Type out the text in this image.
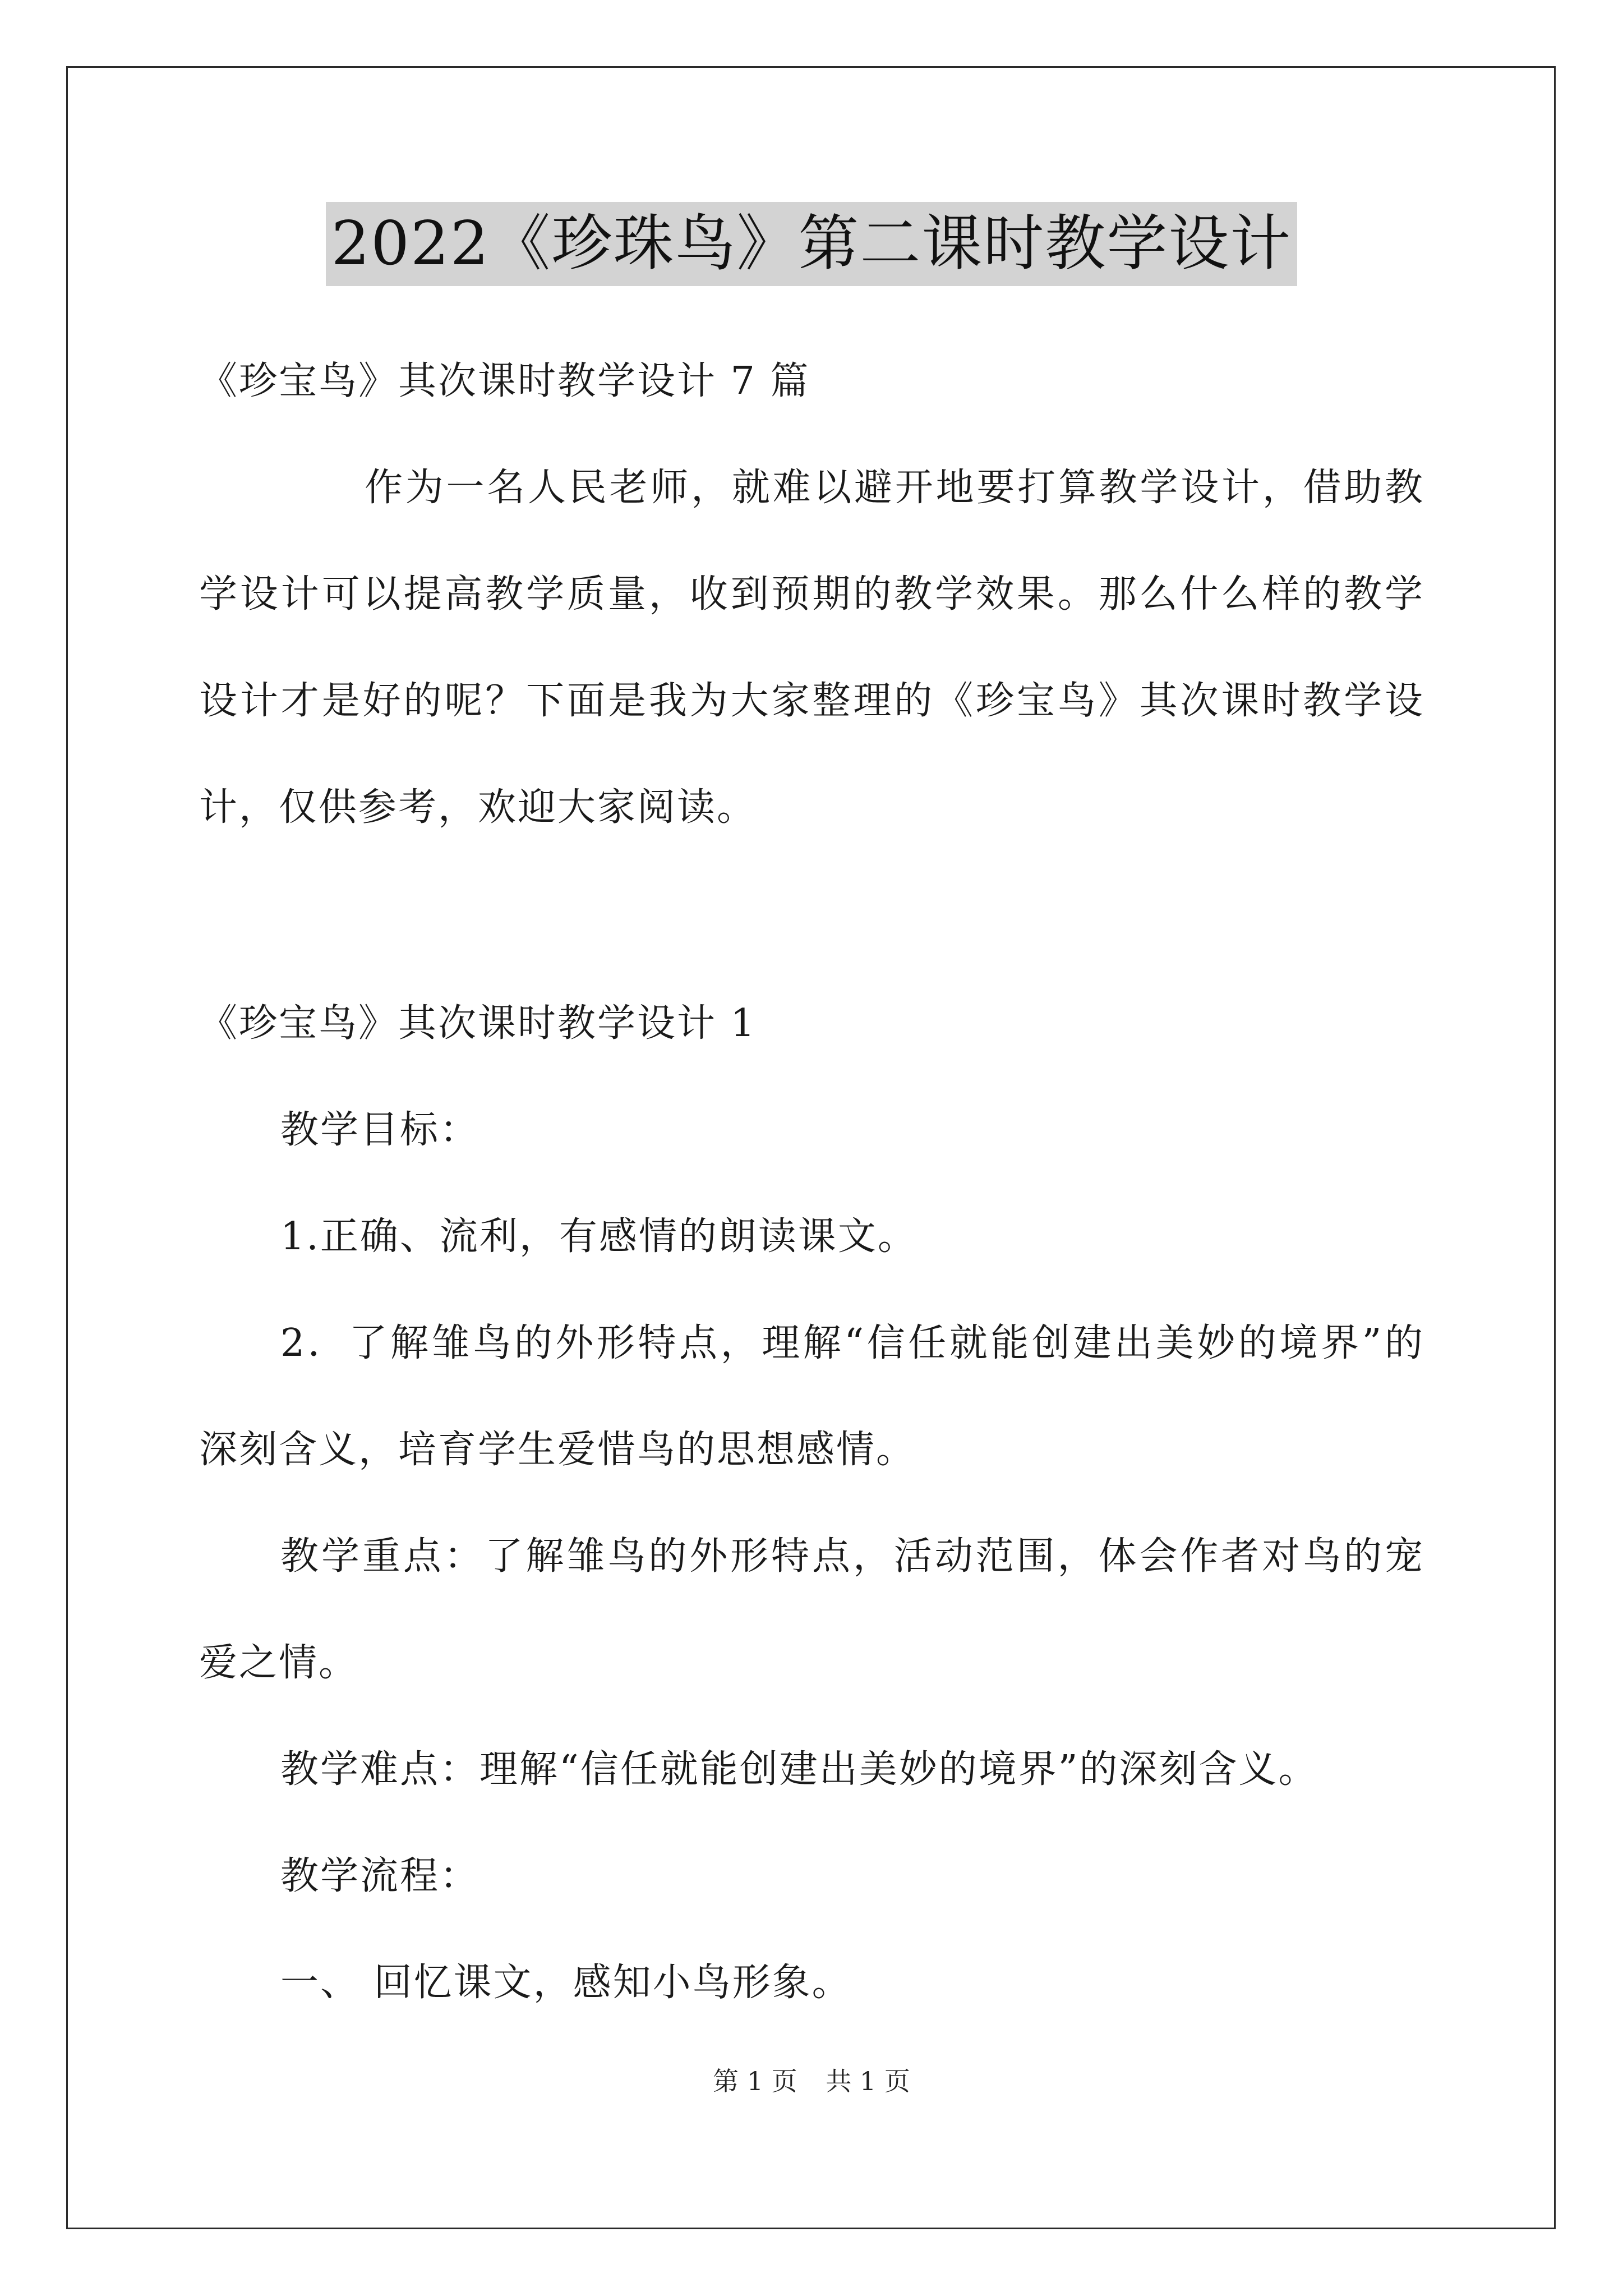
2022《珍珠鸟》第二课时教学设计
《珍宝鸟》其次课时教学设计 7 篇
作为一名人民老师，就难以避开地要打算教学设计，借助教
学设计可以提高教学质量，收到预期的教学效果。那么什么样的教学
设计才是好的呢？下面是我为大家整理的《珍宝鸟》其次课时教学设
计，仅供参考，欢迎大家阅读。
《珍宝鸟》其次课时教学设计 1
教学目标：
1.正确、流利，有感情的朗读课文。
2．了解雏鸟的外形特点，理解“信任就能创建出美妙的境界”的
深刻含义，培育学生爱惜鸟的思想感情。
教学重点：了解雏鸟的外形特点，活动范围，体会作者对鸟的宠
爱之情。
教学难点：理解“信任就能创建出美妙的境界”的深刻含义。
教学流程：
一、 回忆课文，感知小鸟形象。
第 1 页 共 1 页
